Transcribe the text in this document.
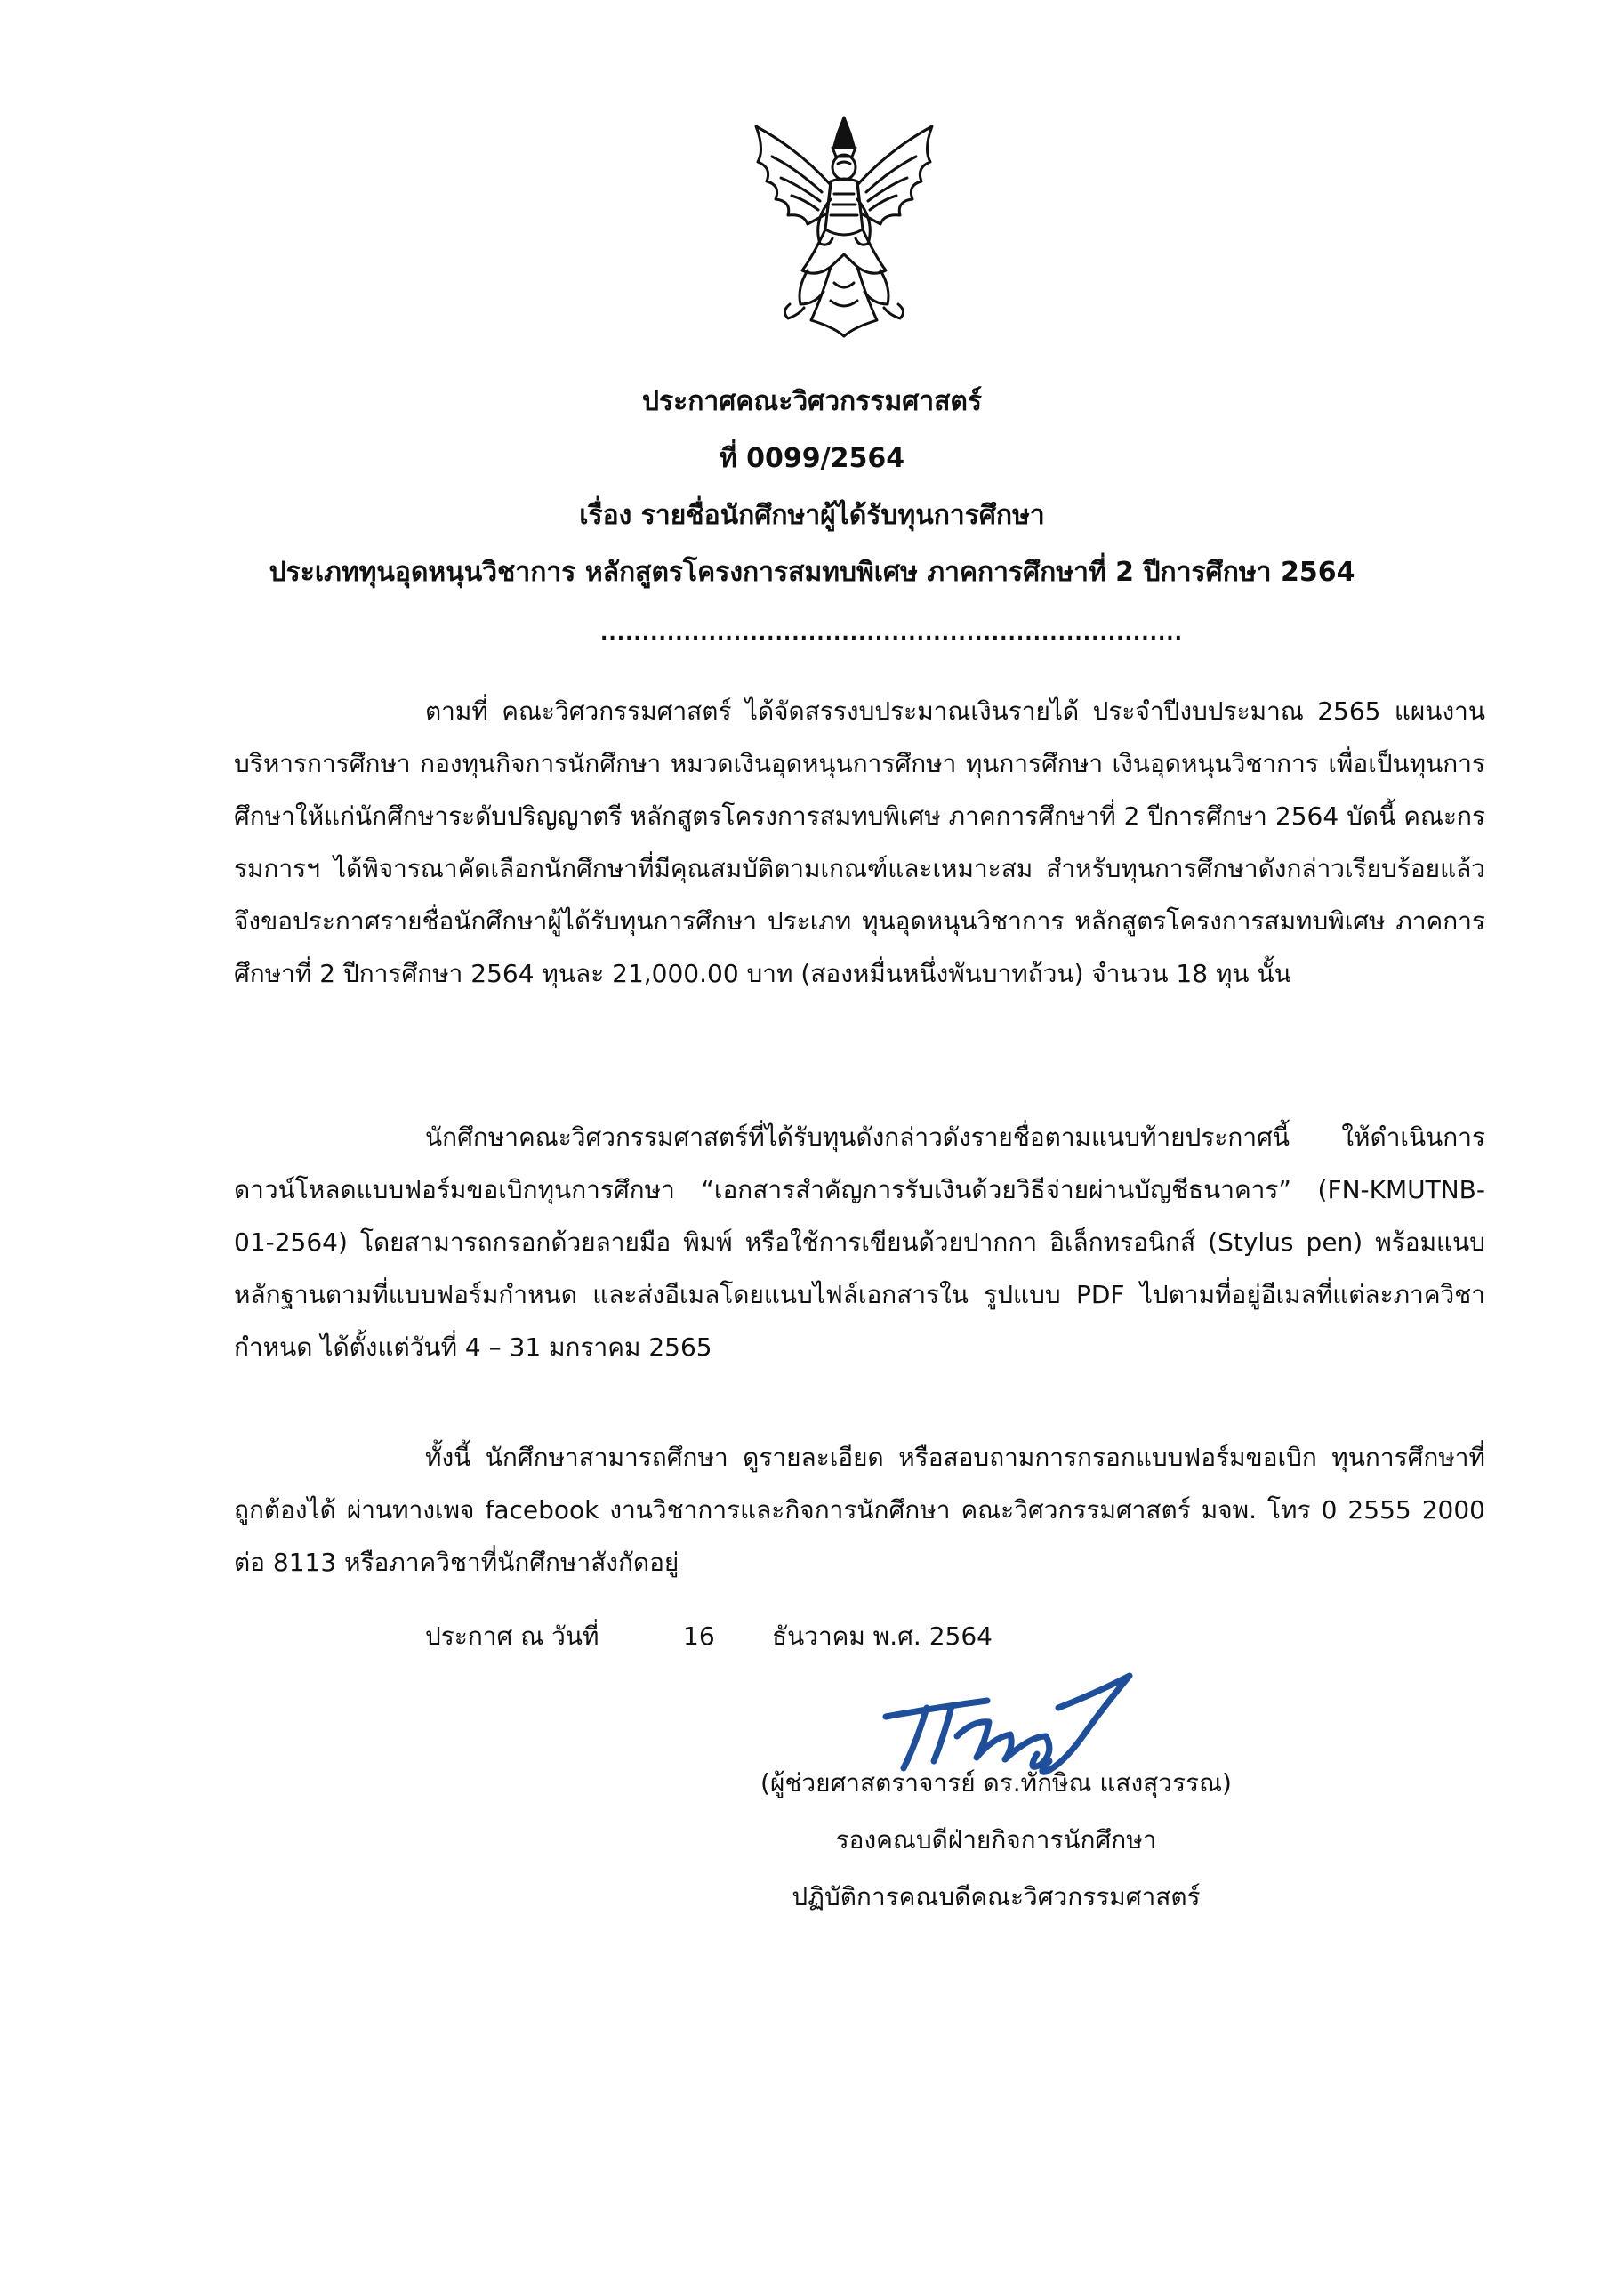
ประกาศคณะวิศวกรรมศาสตร์
ที่ 0099/2564
เรื่อง รายชื่อนักศึกษาผู้ได้รับทุนการศึกษา
ประเภททุนอุดหนุนวิชาการ หลักสูตรโครงการสมทบพิเศษ ภาคการศึกษาที่ 2 ปีการศึกษา 2564
......................................................................

ตามที่ คณะวิศวกรรมศาสตร์ ได้จัดสรรงบประมาณเงินรายได้ ประจำปีงบประมาณ 2565 แผนงานบริหารการศึกษา กองทุนกิจการนักศึกษา หมวดเงินอุดหนุนการศึกษา ทุนการศึกษา เงินอุดหนุนวิชาการ เพื่อเป็นทุนการศึกษาให้แก่นักศึกษาระดับปริญญาตรี หลักสูตรโครงการสมทบพิเศษ ภาคการศึกษาที่ 2 ปีการศึกษา 2564 บัดนี้ คณะกรรมการฯ ได้พิจารณาคัดเลือกนักศึกษาที่มีคุณสมบัติตามเกณฑ์และเหมาะสม สำหรับทุนการศึกษาดังกล่าวเรียบร้อยแล้ว จึงขอประกาศรายชื่อนักศึกษาผู้ได้รับทุนการศึกษา ประเภท ทุนอุดหนุนวิชาการ หลักสูตรโครงการสมทบพิเศษ ภาคการศึกษาที่ 2 ปีการศึกษา 2564 ทุนละ 21,000.00 บาท (สองหมื่นหนึ่งพันบาทถ้วน) จำนวน 18 ทุน นั้น

นักศึกษาคณะวิศวกรรมศาสตร์ที่ได้รับทุนดังกล่าวดังรายชื่อตามแนบท้ายประกาศนี้ ให้ดำเนินการดาวน์โหลดแบบฟอร์มขอเบิกทุนการศึกษา “เอกสารสำคัญการรับเงินด้วยวิธีจ่ายผ่านบัญชีธนาคาร” (FN-KMUTNB-01-2564) โดยสามารถกรอกด้วยลายมือ พิมพ์ หรือใช้การเขียนด้วยปากกา อิเล็กทรอนิกส์ (Stylus pen) พร้อมแนบหลักฐานตามที่แบบฟอร์มกำหนด และส่งอีเมลโดยแนบไฟล์เอกสารใน รูปแบบ PDF ไปตามที่อยู่อีเมลที่แต่ละภาควิชากำหนด ได้ตั้งแต่วันที่ 4 – 31 มกราคม 2565

ทั้งนี้ นักศึกษาสามารถศึกษา ดูรายละเอียด หรือสอบถามการกรอกแบบฟอร์มขอเบิก ทุนการศึกษาที่ถูกต้องได้ ผ่านทางเพจ facebook งานวิชาการและกิจการนักศึกษา คณะวิศวกรรมศาสตร์ มจพ. โทร 0 2555 2000 ต่อ 8113 หรือภาควิชาที่นักศึกษาสังกัดอยู่

ประกาศ ณ วันที่	16 ธันวาคม พ.ศ. 2564
(ผู้ช่วยศาสตราจารย์ ดร.ทักษิณ แสงสุวรรณ)
รองคณบดีฝ่ายกิจการนักศึกษา
ปฏิบัติการคณบดีคณะวิศวกรรมศาสตร์
